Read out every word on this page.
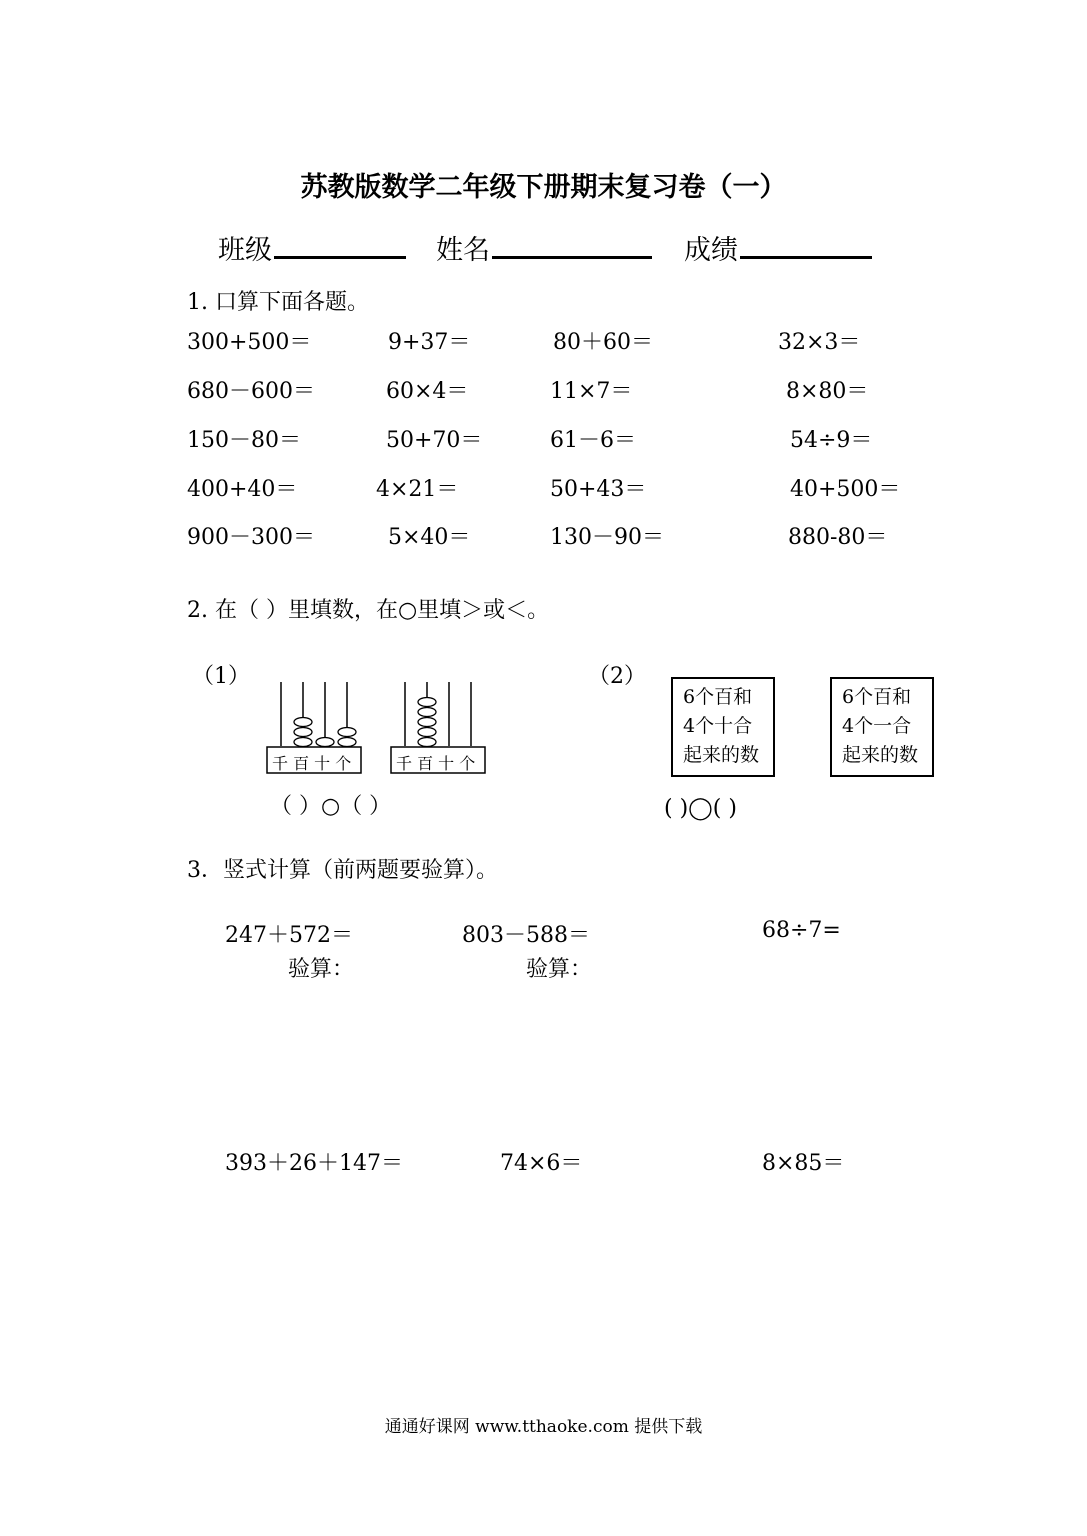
苏教版数学二年级下册期末复习卷（一）
班级	姓名	成绩
1. 口算下面各题。
300+500＝	9+37＝	80＋60＝	32×3＝
680－600＝	60×4＝	11×7＝	8×80＝
150－80＝	50+70＝	61－6＝	54÷9＝
400+40＝	4×21＝	50+43＝	40+500＝
900－300＝	5×40＝	130－90＝	880-80＝
2. 在（ ）里填数，在○里填＞或＜。
（1）
千 百 十 个	千 百 十 个
（ ）○（ ）
（2）
6个百和
4个十合
起来的数
6个百和
4个一合
起来的数
( )◯( )
3．竖式计算（前两题要验算）。
247＋572＝	803－588＝	68÷7=
验算：	验算：
393＋26＋147＝	74×6＝	8×85＝
通通好课网 www.tthaoke.com 提供下载
